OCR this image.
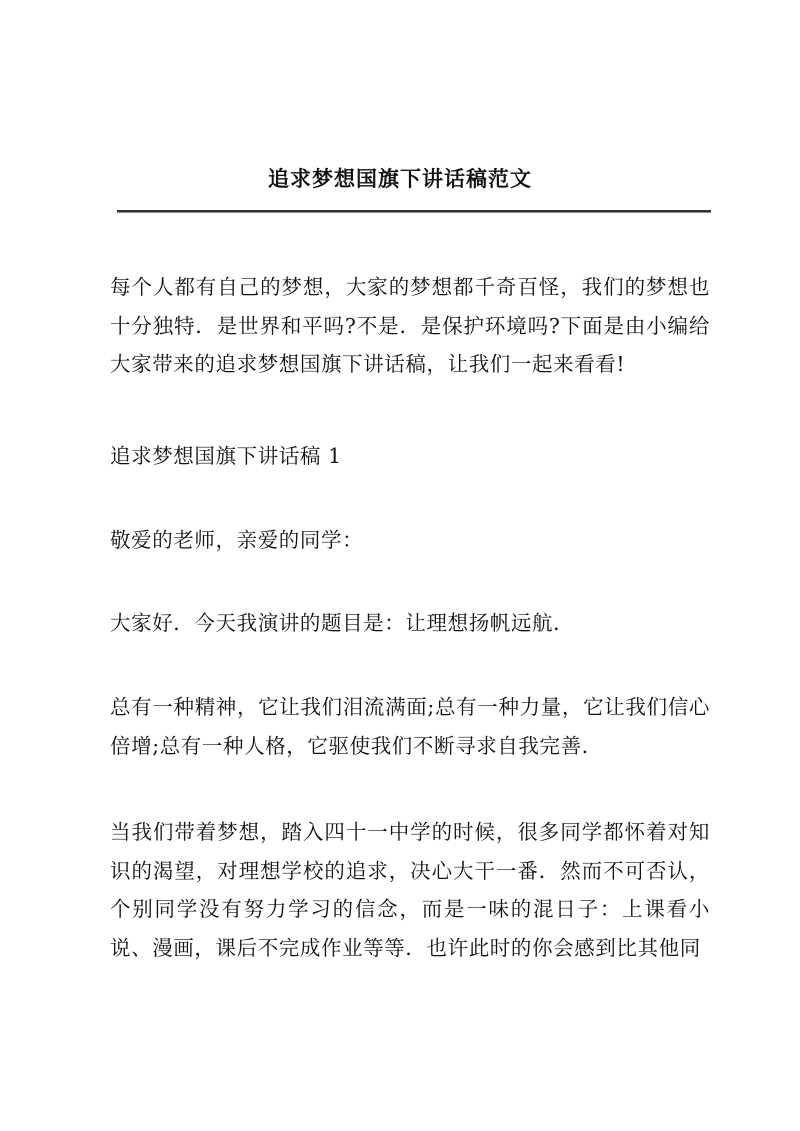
追求梦想国旗下讲话稿范文
每个人都有自己的梦想，大家的梦想都千奇百怪，我们的梦想也十分独特．是世界和平吗?不是．是保护环境吗?下面是由小编给大家带来的追求梦想国旗下讲话稿，让我们一起来看看!
追求梦想国旗下讲话稿 1
敬爱的老师，亲爱的同学：
大家好．今天我演讲的题目是：让理想扬帆远航．
总有一种精神，它让我们泪流满面;总有一种力量，它让我们信心倍增;总有一种人格，它驱使我们不断寻求自我完善．
当我们带着梦想，踏入四十一中学的时候，很多同学都怀着对知识的渴望，对理想学校的追求，决心大干一番．然而不可否认，个别同学没有努力学习的信念，而是一味的混日子：上课看小说、漫画，课后不完成作业等等．也许此时的你会感到比其他同
